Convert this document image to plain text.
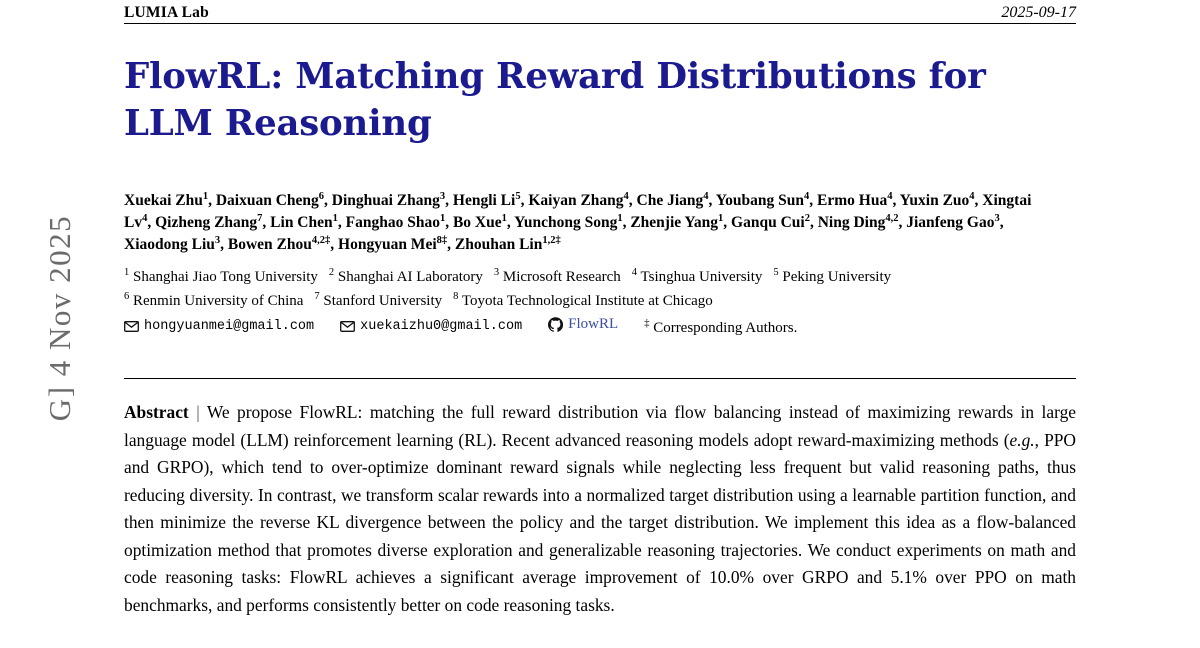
G] 4 Nov 2025
LUMIA Lab	2025-09-17
FlowRL: Matching Reward Distributions for LLM Reasoning
Xuekai Zhu$^1$, Daixuan Cheng$^6$, Dinghuai Zhang$^3$, Hengli Li$^5$, Kaiyan Zhang$^4$, Che Jiang$^4$, Youbang Sun$^4$, Ermo Hua$^4$, Yuxin Zuo$^4$, Xingtai Lv$^4$, Qizheng Zhang$^7$, Lin Chen$^1$, Fanghao Shao$^1$, Bo Xue$^1$, Yunchong Song$^1$, Zhenjie Yang$^1$, Ganqu Cui$^2$, Ning Ding$^{4,2}$, Jianfeng Gao$^3$, Xiaodong Liu$^3$, Bowen Zhou$^{4,2\ddagger}$, Hongyuan Mei$^{8\ddagger}$, Zhouhan Lin$^{1,2\ddagger}$
$^1$ Shanghai Jiao Tong University $^2$ Shanghai AI Laboratory $^3$ Microsoft Research $^4$ Tsinghua University $^5$ Peking University
$^6$ Renmin University of China $^7$ Stanford University $^8$ Toyota Technological Institute at Chicago
hongyuanmei@gmail.com	xuekaizhu0@gmail.com	FlowRL ‡ Corresponding Authors.
Abstract | We propose FlowRL: matching the full reward distribution via flow balancing instead of maximizing rewards in large language model (LLM) reinforcement learning (RL). Recent advanced reasoning models adopt reward-maximizing methods (e.g., PPO and GRPO), which tend to over-optimize dominant reward signals while neglecting less frequent but valid reasoning paths, thus reducing diversity. In contrast, we transform scalar rewards into a normalized target distribution using a learnable partition function, and then minimize the reverse KL divergence between the policy and the target distribution. We implement this idea as a flow-balanced optimization method that promotes diverse exploration and generalizable reasoning trajectories. We conduct experiments on math and code reasoning tasks: FlowRL achieves a significant average improvement of 10.0% over GRPO and 5.1% over PPO on math benchmarks, and performs consistently better on code reasoning tasks.
